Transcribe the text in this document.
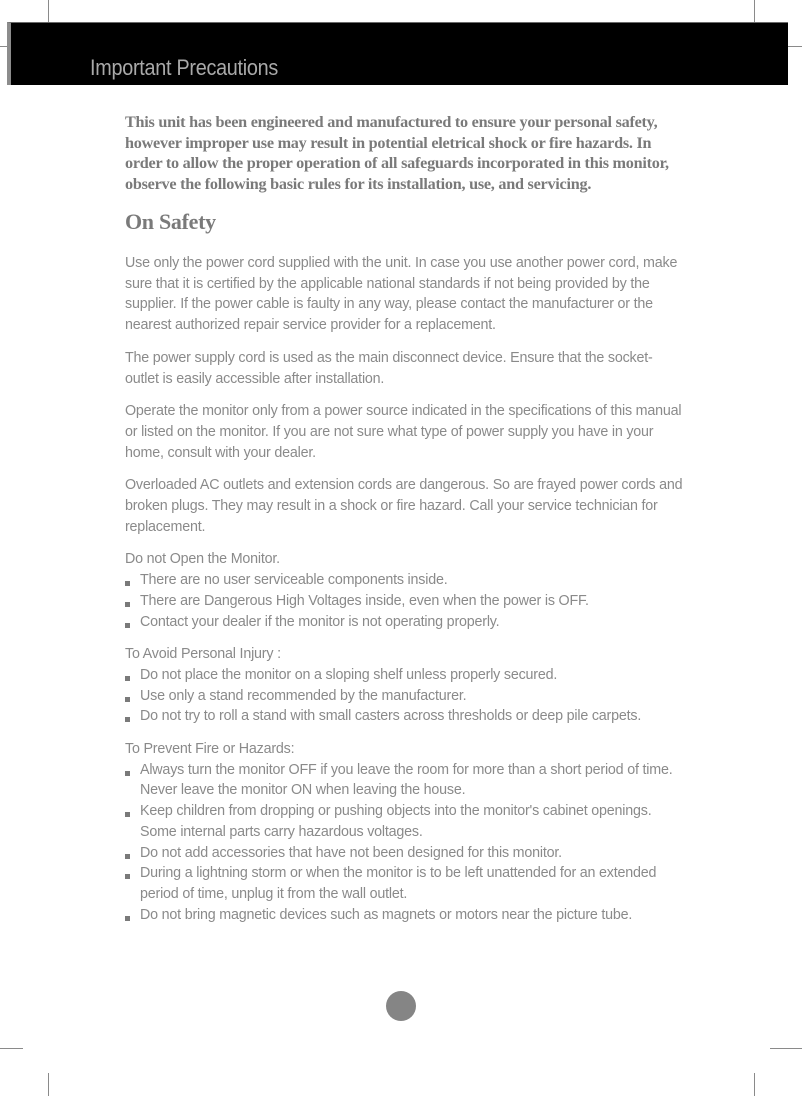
Important Precautions

This unit has been engineered and manufactured to ensure your personal safety, however improper use may result in potential eletrical shock or fire hazards. In order to allow the proper operation of all safeguards incorporated in this monitor, observe the following basic rules for its installation, use, and servicing.

On Safety

Use only the power cord supplied with the unit. In case you use another power cord, make sure that it is certified by the applicable national standards if not being provided by the supplier. If the power cable is faulty in any way, please contact the manufacturer or the nearest authorized repair service provider for a replacement.

The power supply cord is used as the main disconnect device. Ensure that the socket-outlet is easily accessible after installation.

Operate the monitor only from a power source indicated in the specifications of this manual or listed on the monitor. If you are not sure what type of power supply you have in your home, consult with your dealer.

Overloaded AC outlets and extension cords are dangerous. So are frayed power cords and broken plugs. They may result in a shock or fire hazard. Call your service technician for replacement.

Do not Open the Monitor.

There are no user serviceable components inside.
There are Dangerous High Voltages inside, even when the power is OFF.
Contact your dealer if the monitor is not operating properly.

To Avoid Personal Injury :

Do not place the monitor on a sloping shelf unless properly secured.
Use only a stand recommended by the manufacturer.
Do not try to roll a stand with small casters across thresholds or deep pile carpets.

To Prevent Fire or Hazards:

Always turn the monitor OFF if you leave the room for more than a short period of time. Never leave the monitor ON when leaving the house.
Keep children from dropping or pushing objects into the monitor's cabinet openings. Some internal parts carry hazardous voltages.
Do not add accessories that have not been designed for this monitor.
During a lightning storm or when the monitor is to be left unattended for an extended period of time, unplug it from the wall outlet.
Do not bring magnetic devices such as magnets or motors near the picture tube.
